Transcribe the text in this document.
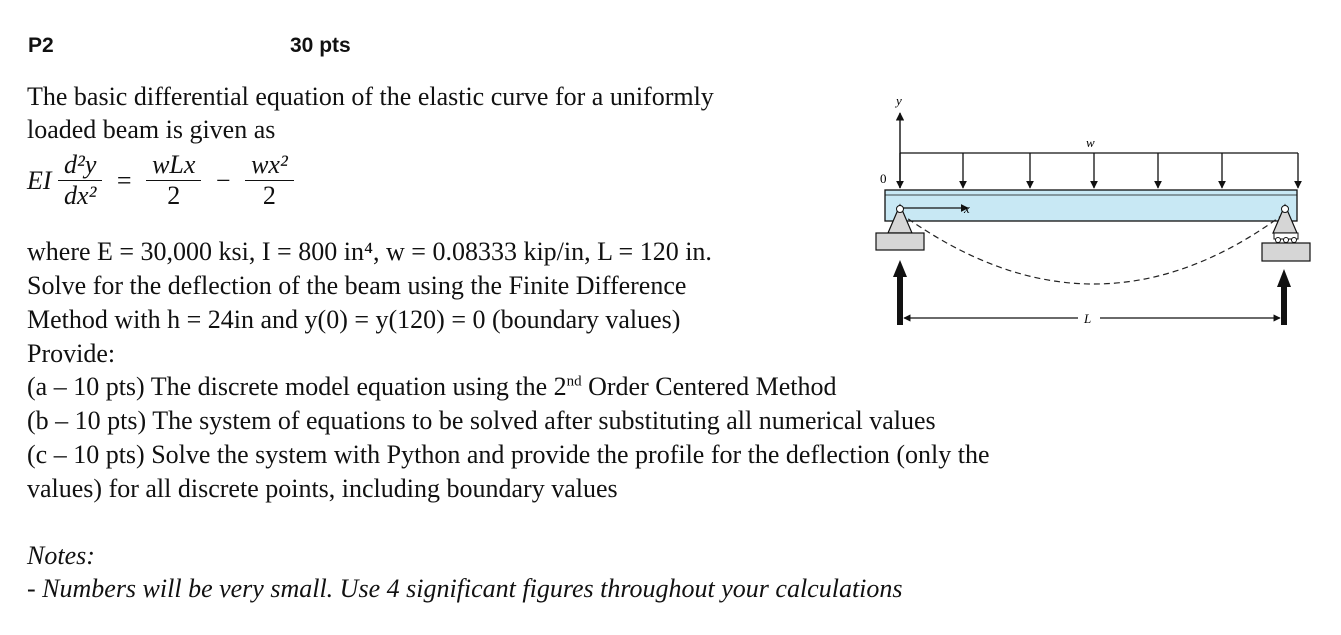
P2	30 pts
The basic differential equation of the elastic curve for a uniformly
loaded beam is given as
EI $\frac{\text{d²y}}{\text{dx²}} = \frac{\text{wLx}}{2} - \frac{\text{wx²}}{2}$
where E = 30,000 ksi, I = 800 in⁴, w = 0.08333 kip/in, L = 120 in.
Solve for the deflection of the beam using the Finite Difference
Method with h = 24in and y(0) = y(120) = 0 (boundary values)
Provide:
(a – 10 pts) The discrete model equation using the 2nd Order Centered Method
(b – 10 pts) The system of equations to be solved after substituting all numerical values
(c – 10 pts) Solve the system with Python and provide the profile for the deflection (only the
values) for all discrete points, including boundary values
Notes:
- Numbers will be very small. Use 4 significant figures throughout your calculations
y
w
0
x
L
